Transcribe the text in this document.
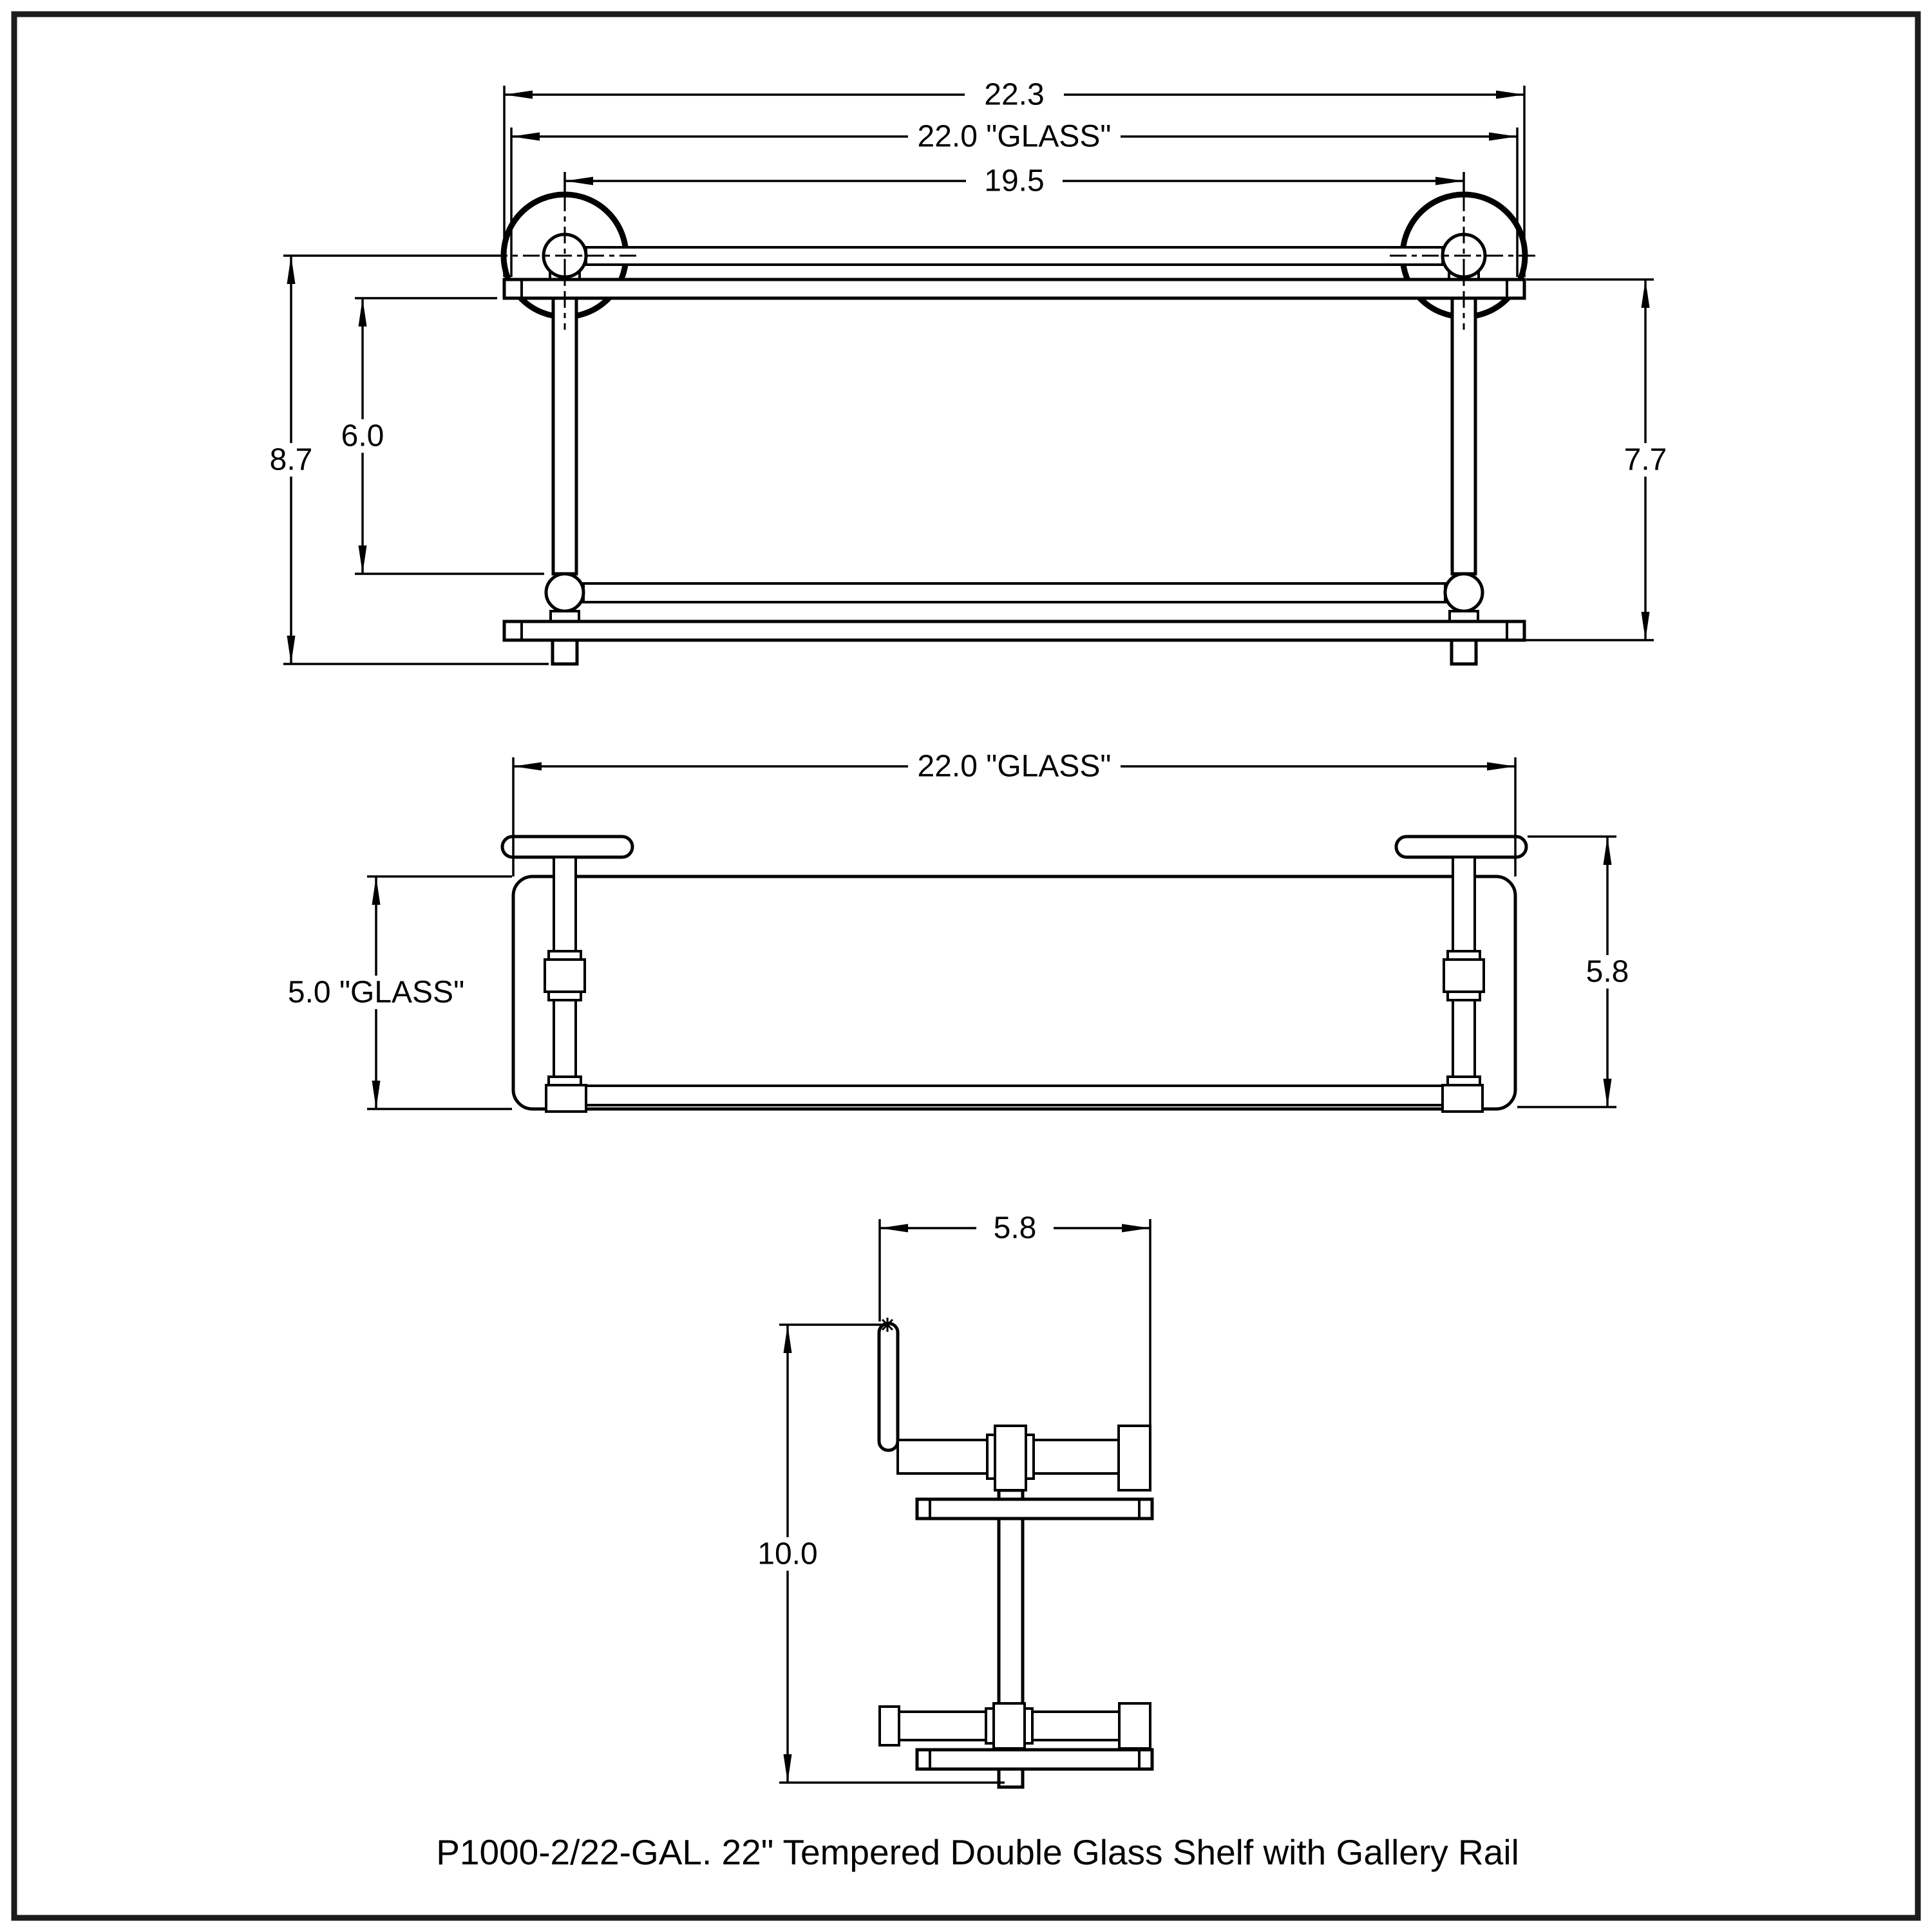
22.3
22.0 "GLASS"
19.5
8.7
6.0
7.7
22.0 "GLASS"
5.0 "GLASS"
5.8
5.8
10.0
P1000-2/22-GAL. 22" Tempered Double Glass Shelf with Gallery Rail
